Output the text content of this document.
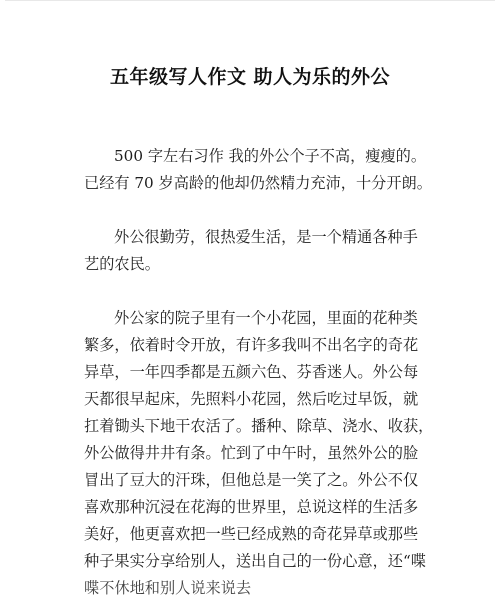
五年级写人作文 助人为乐的外公

500 字左右习作 我的外公个子不高，瘦瘦的。
已经有 70 岁高龄的他却仍然精力充沛，十分开朗。

外公很勤劳，很热爱生活，是一个精通各种手
艺的农民。

外公家的院子里有一个小花园，里面的花种类
繁多，依着时令开放，有许多我叫不出名字的奇花
异草，一年四季都是五颜六色、芬香迷人。外公每
天都很早起床，先照料小花园，然后吃过早饭，就
扛着锄头下地干农活了。播种、除草、浇水、收获，
外公做得井井有条。忙到了中午时，虽然外公的脸
冒出了豆大的汗珠，但他总是一笑了之。外公不仅
喜欢那种沉浸在花海的世界里，总说这样的生活多
美好，他更喜欢把一些已经成熟的奇花异草或那些
种子果实分享给别人，送出自己的一份心意，还“喋
喋不休地和别人说来说去
